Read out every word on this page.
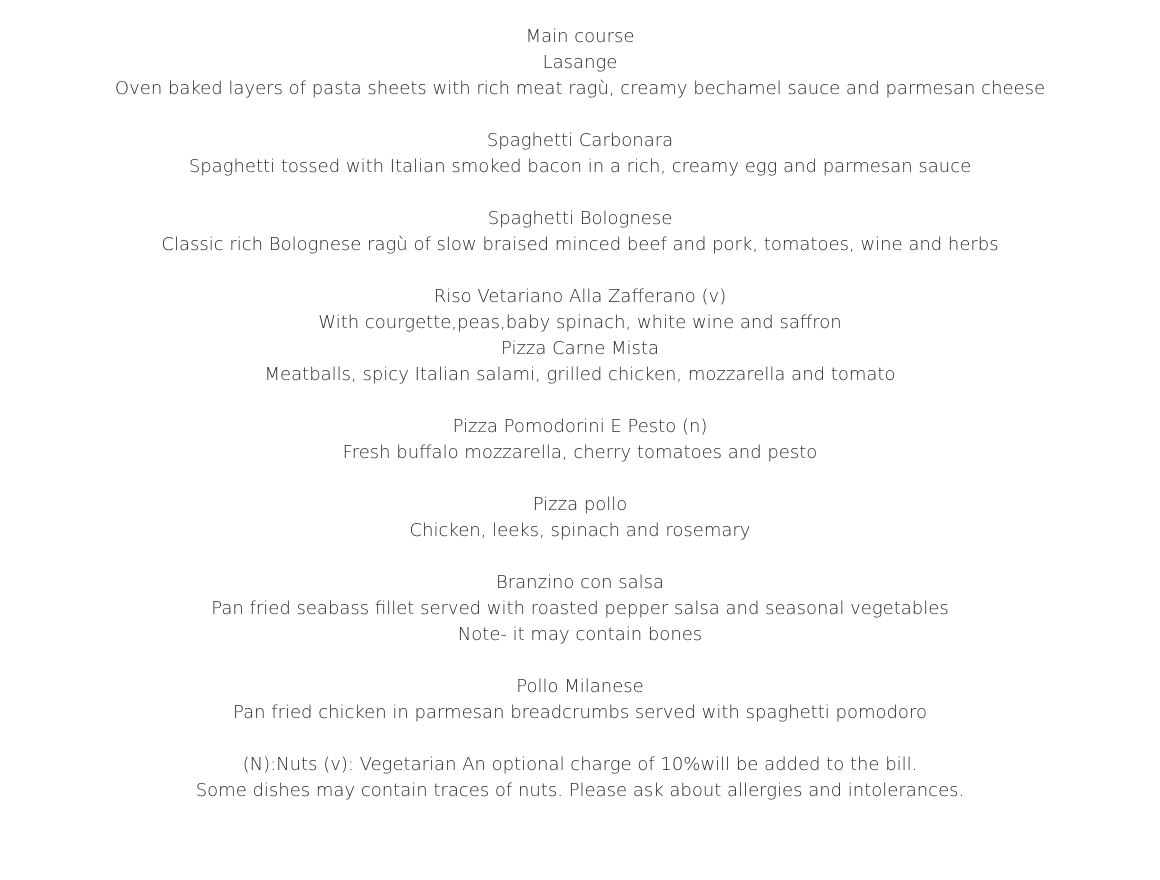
Main course
Lasange
Oven baked layers of pasta sheets with rich meat ragù, creamy bechamel sauce and parmesan cheese
Spaghetti Carbonara
Spaghetti tossed with Italian smoked bacon in a rich, creamy egg and parmesan sauce
Spaghetti Bolognese
Classic rich Bolognese ragù of slow braised minced beef and pork, tomatoes, wine and herbs
Riso Vetariano Alla Zafferano (v)
With courgette,peas,baby spinach, white wine and saffron
Pizza Carne Mista
Meatballs, spicy Italian salami, grilled chicken, mozzarella and tomato
Pizza Pomodorini E Pesto (n)
Fresh buffalo mozzarella, cherry tomatoes and pesto
Pizza pollo
Chicken, leeks, spinach and rosemary
Branzino con salsa
Pan fried seabass fillet served with roasted pepper salsa and seasonal vegetables
Note- it may contain bones
Pollo Milanese
Pan fried chicken in parmesan breadcrumbs served with spaghetti pomodoro
(N):Nuts (v): Vegetarian An optional charge of 10%will be added to the bill.
Some dishes may contain traces of nuts. Please ask about allergies and intolerances.
